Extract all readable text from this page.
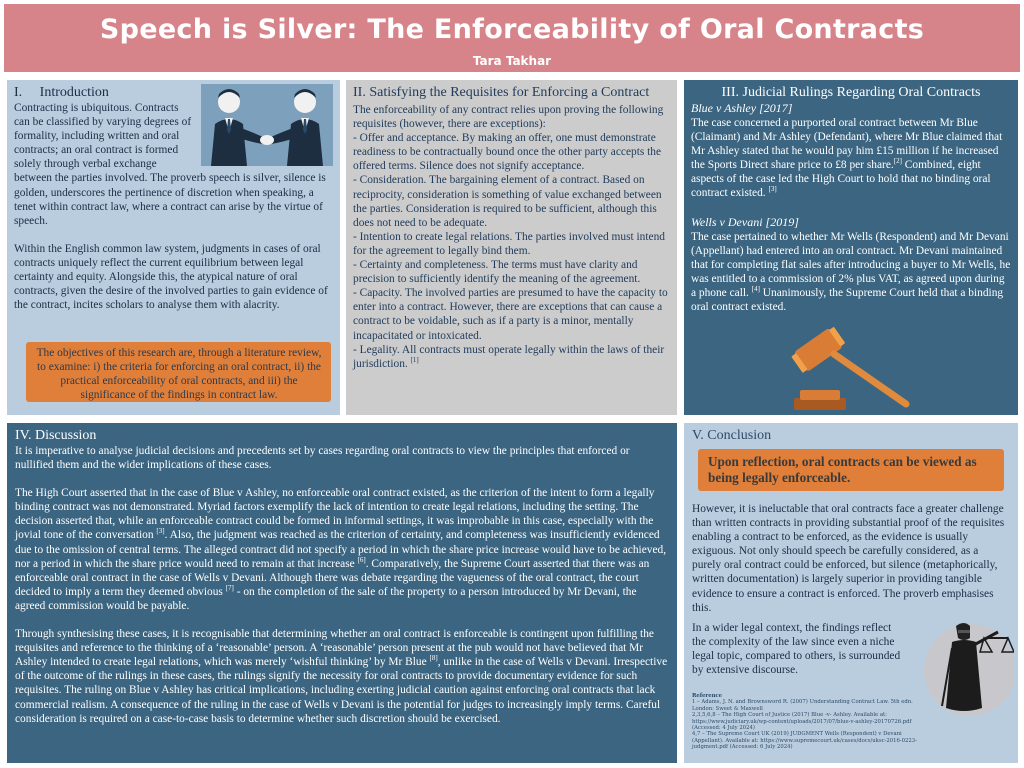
Speech is Silver: The Enforceability of Oral Contracts
Tara Takhar
I.     Introduction

Contracting is ubiquitous. Contracts can be classified by varying degrees of formality, including written and oral contracts; an oral contract is formed solely through verbal exchange between the parties involved. The proverb speech is silver, silence is golden, underscores the pertinence of discretion when speaking, a tenet within contract law, where a contract can arise by the virtue of speech.

Within the English common law system, judgments in cases of oral contracts uniquely reflect the current equilibrium between legal certainty and equity. Alongside this, the atypical nature of oral contracts, given the desire of the involved parties to gain evidence of the contract, incites scholars to analyse them with alacrity.

The objectives of this research are, through a literature review, to examine: i) the criteria for enforcing an oral contract, ii) the practical enforceability of oral contracts, and iii) the significance of the findings in contract law.

II. Satisfying the Requisites for Enforcing a Contract

The enforceability of any contract relies upon proving the following requisites (however, there are exceptions):

- Offer and acceptance. By making an offer, one must demonstrate readiness to be contractually bound once the other party accepts the offered terms. Silence does not signify acceptance.

- Consideration. The bargaining element of a contract. Based on reciprocity, consideration is something of value exchanged between the parties. Consideration is required to be sufficient, although this does not need to be adequate.

- Intention to create legal relations. The parties involved must intend for the agreement to legally bind them.

- Certainty and completeness. The terms must have clarity and precision to sufficiently identify the meaning of the agreement.

- Capacity. The involved parties are presumed to have the capacity to enter into a contract. However, there are exceptions that can cause a contract to be voidable, such as if a party is a minor, mentally incapacitated or intoxicated.

- Legality. All contracts must operate legally within the laws of their jurisdiction. [1]

III. Judicial Rulings Regarding Oral Contracts
Blue v Ashley [2017]

The case concerned a purported oral contract between Mr Blue (Claimant) and Mr Ashley (Defendant), where Mr Blue claimed that Mr Ashley stated that he would pay him £15 million if he increased the Sports Direct share price to £8 per share.[2] Combined, eight aspects of the case led the High Court to hold that no binding oral contract existed. [3]

Wells v Devani [2019]

The case pertained to whether Mr Wells (Respondent) and Mr Devani (Appellant) had entered into an oral contract. Mr Devani maintained that for completing flat sales after introducing a buyer to Mr Wells, he was entitled to a commission of 2% plus VAT, as agreed upon during a phone call. [4] Unanimously, the Supreme Court held that a binding oral contract existed.

IV. Discussion

It is imperative to analyse judicial decisions and precedents set by cases regarding oral contracts to view the principles that enforced or nullified them and the wider implications of these cases.

The High Court asserted that in the case of Blue v Ashley, no enforceable oral contract existed, as the criterion of the intent to form a legally binding contract was not demonstrated. Myriad factors exemplify the lack of intention to create legal relations, including the setting. The decision asserted that, while an enforceable contract could be formed in informal settings, it was improbable in this case, especially with the jovial tone of the conversation [3]. Also, the judgment was reached as the criterion of certainty, and completeness was insufficiently evidenced due to the omission of central terms. The alleged contract did not specify a period in which the share price increase would have to be achieved, nor a period in which the share price would need to remain at that increase [6]. Comparatively, the Supreme Court asserted that there was an enforceable oral contract in the case of Wells v Devani. Although there was debate regarding the vagueness of the oral contract, the court decided to imply a term they deemed obvious [7] - on the completion of the sale of the property to a person introduced by Mr Devani, the agreed commission would be payable.

Through synthesising these cases, it is recognisable that determining whether an oral contract is enforceable is contingent upon fulfilling the requisites and reference to the thinking of a ‘reasonable’ person. A ‘reasonable’ person present at the pub would not have believed that Mr Ashley intended to create legal relations, which was merely ‘wishful thinking’ by Mr Blue [8], unlike in the case of Wells v Devani. Irrespective of the outcome of the rulings in these cases, the rulings signify the necessity for oral contracts to provide documentary evidence for such requisites. The ruling on Blue v Ashley has critical implications, including exerting judicial caution against enforcing oral contracts that lack commercial realism. A consequence of the ruling in the case of Wells v Devani is the potential for judges to increasingly imply terms. Careful consideration is required on a case-to-case basis to determine whether such discretion should be exercised.

V. Conclusion

Upon reflection, oral contracts can be viewed as being legally enforceable.

However, it is ineluctable that oral contracts face a greater challenge than written contracts in providing substantial proof of the requisites enabling a contract to be enforced, as the evidence is usually exiguous. Not only should speech be carefully considered, as a purely oral contract could be enforced, but silence (metaphorically, written documentation) is largely superior in providing tangible evidence to ensure a contract is enforced. The proverb emphasises this.

In a wider legal context, the findings reflect the complexity of the law since even a niche legal topic, compared to others, is surrounded by extensive discourse.

Reference
1 – Adams, J. N. and Brownsword R. (2007) Understanding Contract Law. 5th edn. London: Sweet & Maxwell
2,3,5,6,8 – The High Court of Justice (2017) Blue -v- Ashley. Available at: https://www.judiciary.uk/wp-content/uploads/2017/07/blue-v-ashley-20170726.pdf (Accessed: 4 July 2024)
4,7 – The Supreme Court UK (2019) JUDGMENT Wells (Respondent) v Devani (Appellant). Available at: https://www.supremecourt.uk/cases/docs/uksc-2016-0223-judgment.pdf (Accessed: 6 July 2024)
